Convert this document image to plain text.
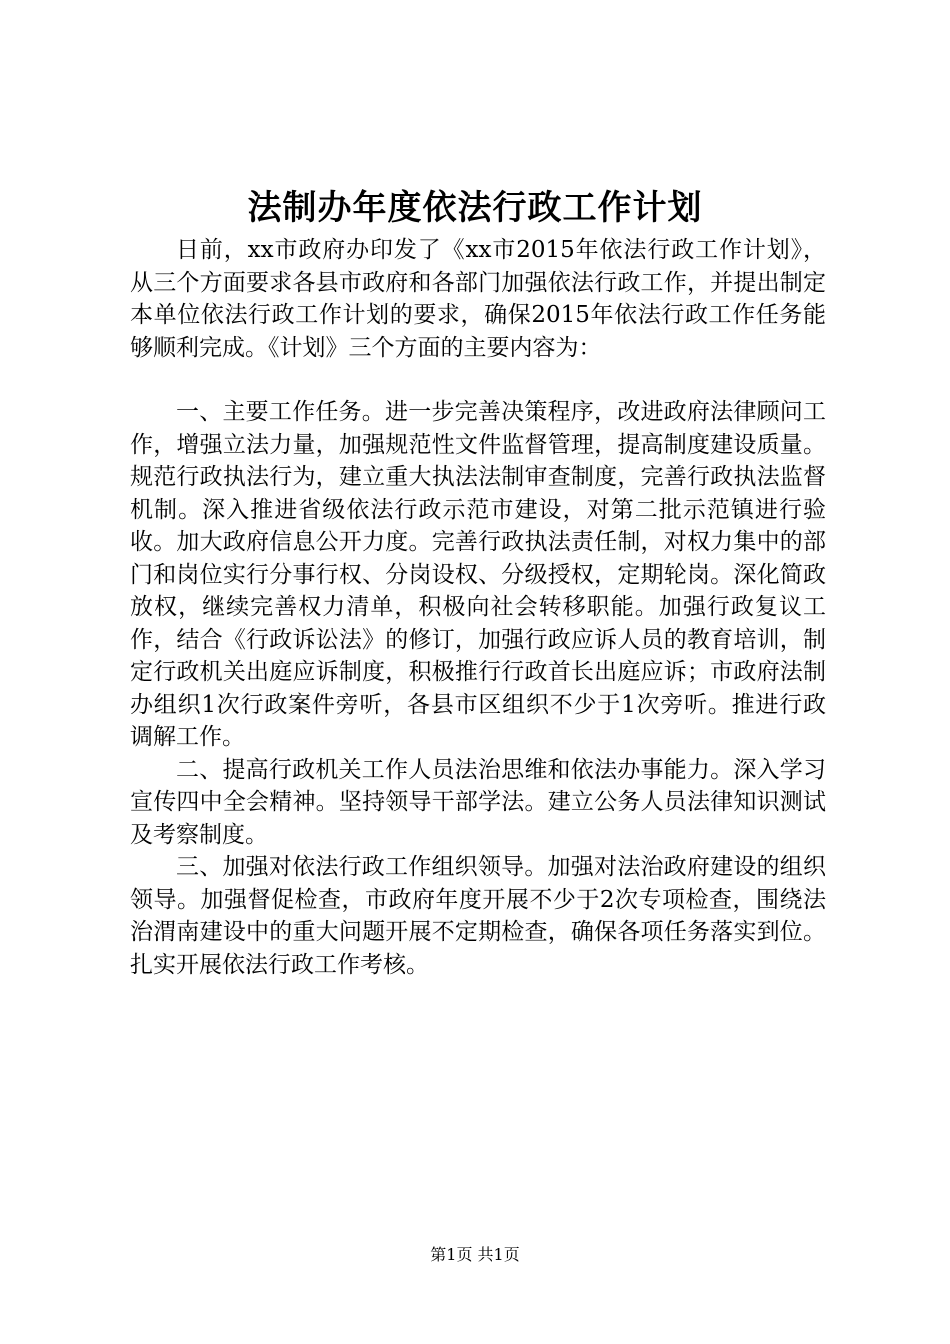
法制办年度依法行政工作计划

日前，xx市政府办印发了《xx市2015年依法行政工作计划》，从三个方面要求各县市政府和各部门加强依法行政工作，并提出制定本单位依法行政工作计划的要求，确保2015年依法行政工作任务能够顺利完成。《计划》三个方面的主要内容为：

一、主要工作任务。进一步完善决策程序，改进政府法律顾问工作，增强立法力量，加强规范性文件监督管理，提高制度建设质量。规范行政执法行为，建立重大执法法制审查制度，完善行政执法监督机制。深入推进省级依法行政示范市建设，对第二批示范镇进行验收。加大政府信息公开力度。完善行政执法责任制，对权力集中的部门和岗位实行分事行权、分岗设权、分级授权，定期轮岗。深化简政放权，继续完善权力清单，积极向社会转移职能。加强行政复议工作，结合《行政诉讼法》的修订，加强行政应诉人员的教育培训，制定行政机关出庭应诉制度，积极推行行政首长出庭应诉；市政府法制办组织1次行政案件旁听，各县市区组织不少于1次旁听。推进行政调解工作。

二、提高行政机关工作人员法治思维和依法办事能力。深入学习宣传四中全会精神。坚持领导干部学法。建立公务人员法律知识测试及考察制度。

三、加强对依法行政工作组织领导。加强对法治政府建设的组织领导。加强督促检查，市政府年度开展不少于2次专项检查，围绕法治渭南建设中的重大问题开展不定期检查，确保各项任务落实到位。扎实开展依法行政工作考核。

第1页 共1页
